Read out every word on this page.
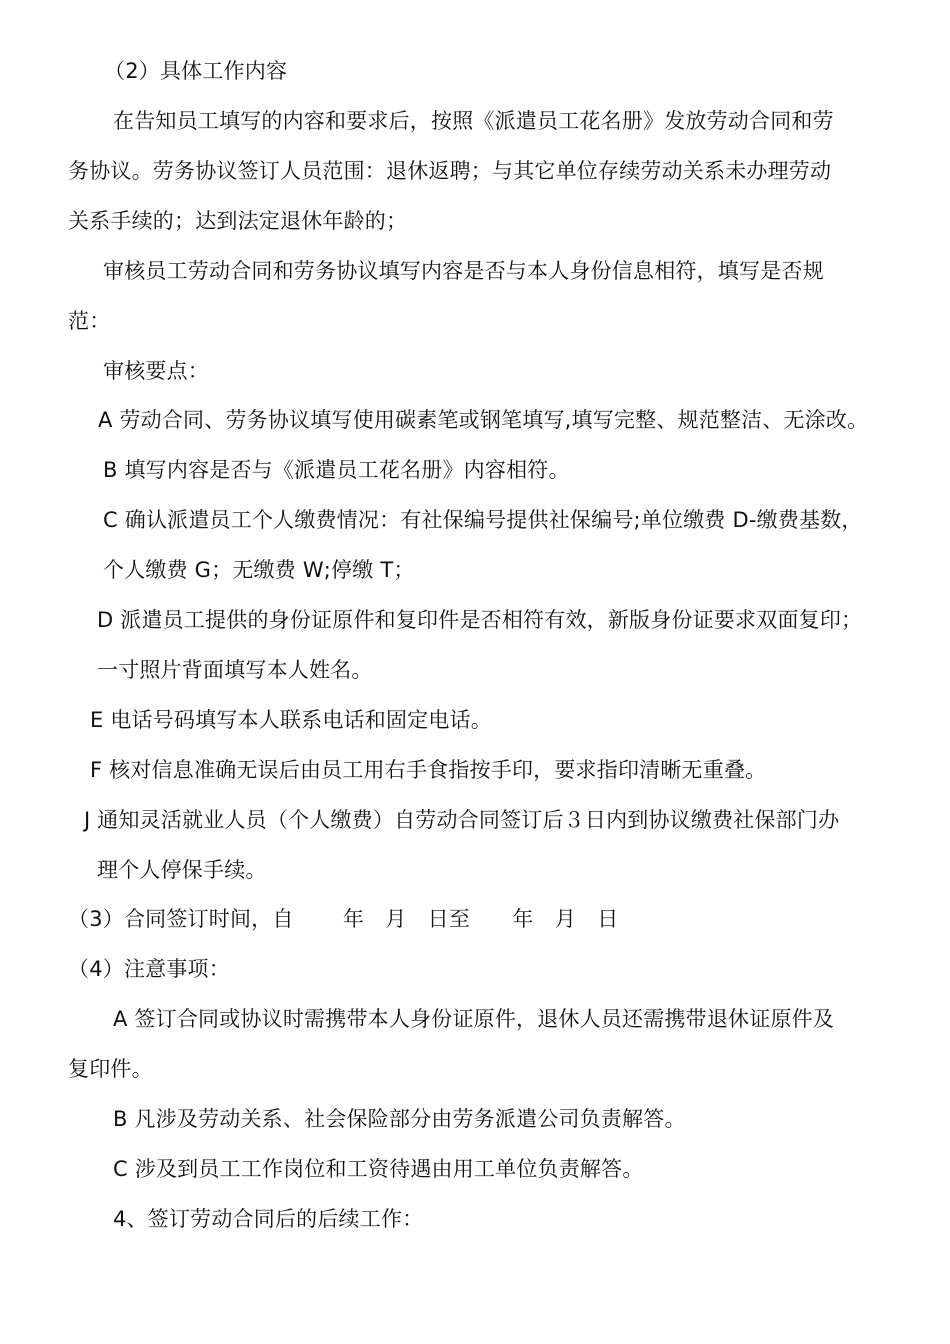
（2）具体工作内容
在告知员工填写的内容和要求后，按照《派遣员工花名册》发放劳动合同和劳
务协议。劳务协议签订人员范围：退休返聘；与其它单位存续劳动关系未办理劳动
关系手续的；达到法定退休年龄的；
审核员工劳动合同和劳务协议填写内容是否与本人身份信息相符，填写是否规
范：
审核要点：
A 劳动合同、劳务协议填写使用碳素笔或钢笔填写,填写完整、规范整洁、无涂改。
B 填写内容是否与《派遣员工花名册》内容相符。
C 确认派遣员工个人缴费情况：有社保编号提供社保编号;单位缴费 D-缴费基数，
个人缴费 G；无缴费 W;停缴 T；
D 派遣员工提供的身份证原件和复印件是否相符有效，新版身份证要求双面复印；
一寸照片背面填写本人姓名。
E 电话号码填写本人联系电话和固定电话。
F 核对信息准确无误后由员工用右手食指按手印，要求指印清晰无重叠。
J 通知灵活就业人员（个人缴费）自劳动合同签订后３日内到协议缴费社保部门办
理个人停保手续。
（3）合同签订时间，自　　 年　月　日至　　年　月　日
（4）注意事项：
A 签订合同或协议时需携带本人身份证原件，退休人员还需携带退休证原件及
复印件。
B 凡涉及劳动关系、社会保险部分由劳务派遣公司负责解答。
C 涉及到员工工作岗位和工资待遇由用工单位负责解答。
4、签订劳动合同后的后续工作：
